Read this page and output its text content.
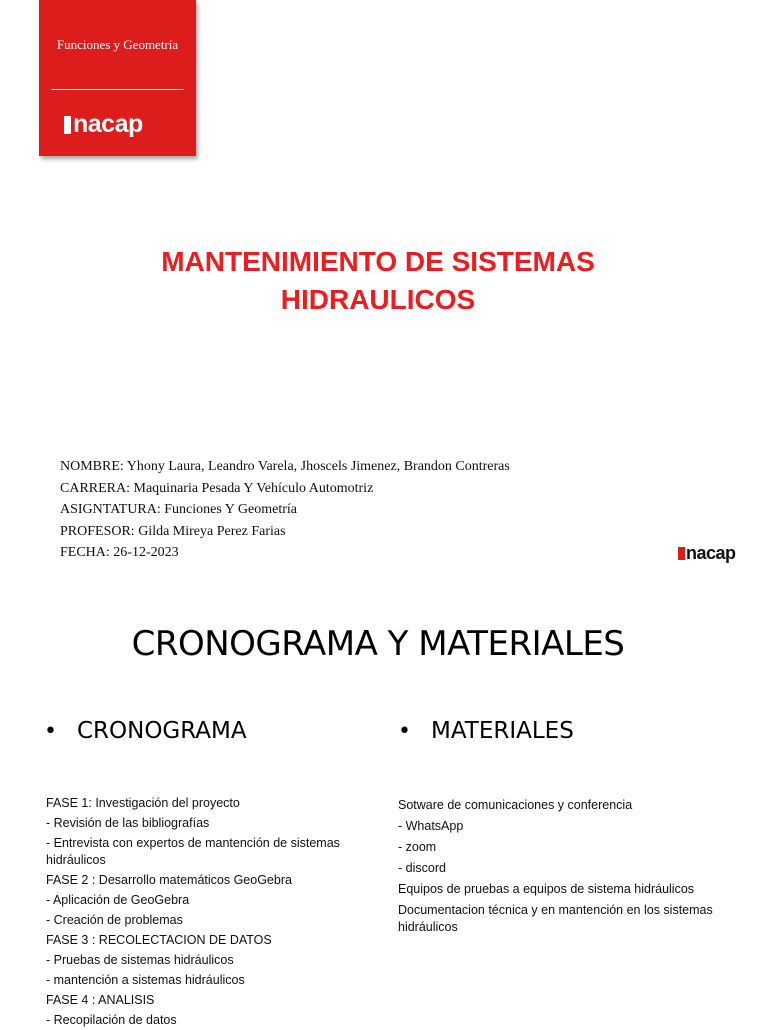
Funciones y Geometría
nacap
MANTENIMIENTO DE SISTEMAS
HIDRAULICOS
NOMBRE: Yhony Laura, Leandro Varela, Jhoscels Jimenez, Brandon Contreras
CARRERA: Maquinaria Pesada Y Vehículo Automotriz
ASIGNTATURA: Funciones Y Geometría
PROFESOR: Gilda Mireya Perez Farias
FECHA: 26-12-2023	nacap
CRONOGRAMA Y MATERIALES
• CRONOGRAMA	• MATERIALES
FASE 1: Investigación del proyecto
- Revisión de las bibliografías
- Entrevista con expertos de mantención de sistemas hidráulicos
FASE 2 : Desarrollo matemáticos GeoGebra
- Aplicación de GeoGebra
- Creación de problemas
FASE 3 : RECOLECTACION DE DATOS
- Pruebas de sistemas hidráulicos
- mantención a sistemas hidráulicos
FASE 4 : ANALISIS
- Recopilación de datos
Sotware de comunicaciones y conferencia
- WhatsApp
- zoom
- discord
Equipos de pruebas a equipos de sistema hidráulicos
Documentacion técnica y en mantención en los sistemas hidráulicos
